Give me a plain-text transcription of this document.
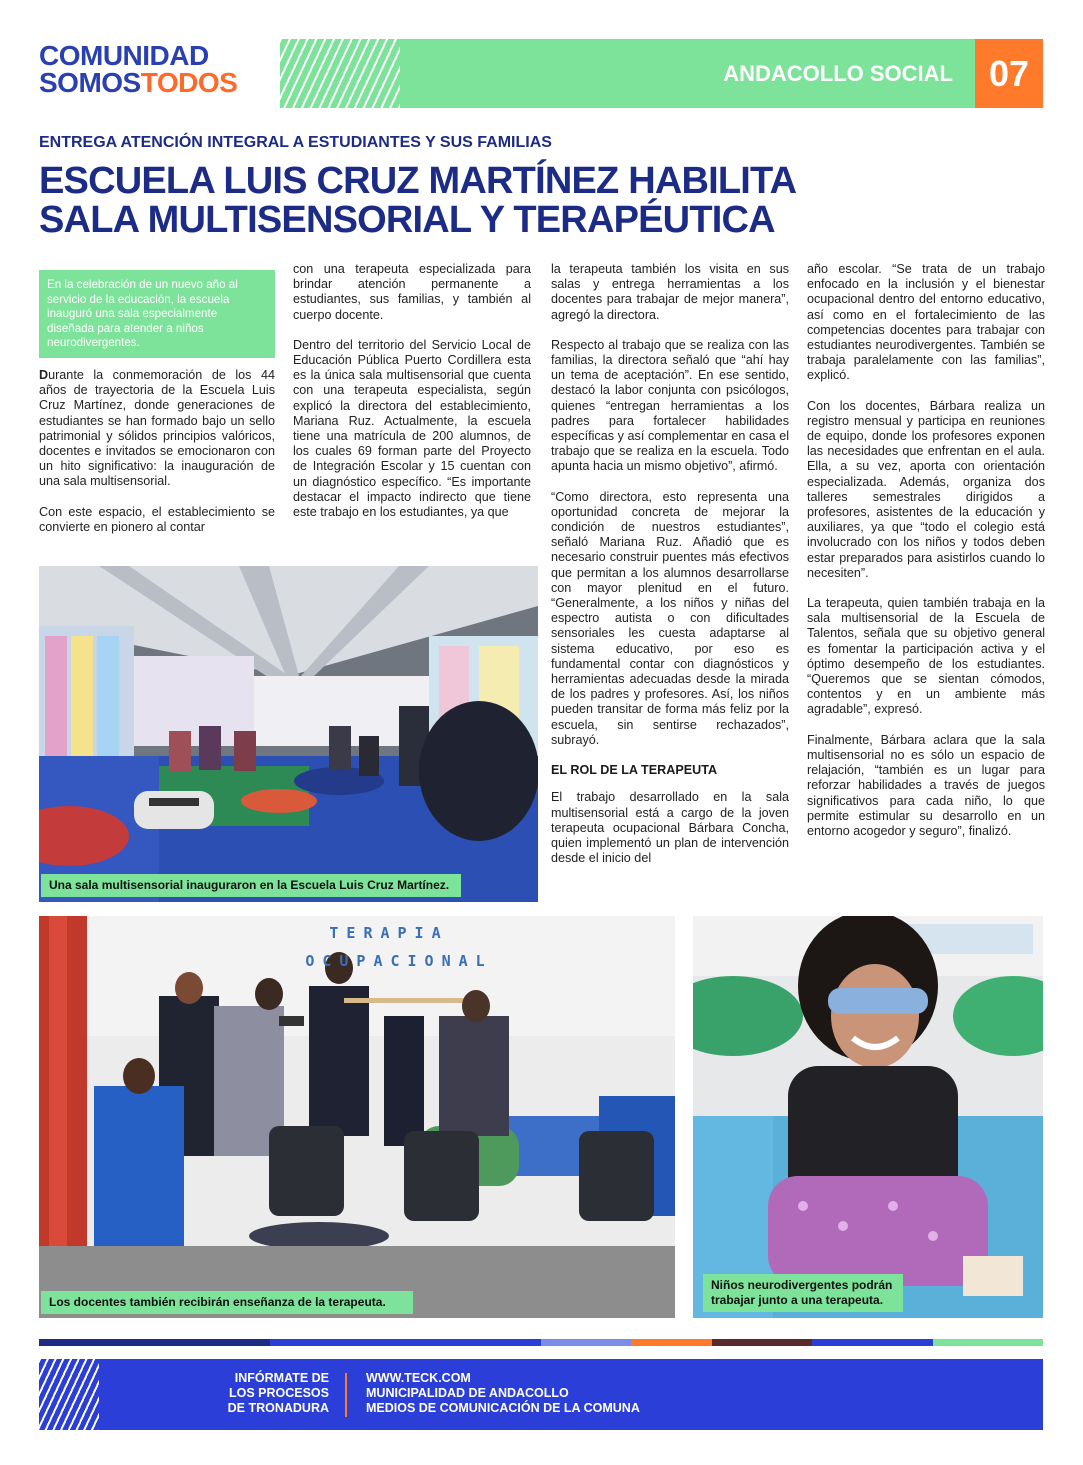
COMUNIDAD
SOMOSTODOS	ANDACOLLO SOCIAL 07
ENTREGA ATENCIÓN INTEGRAL A ESTUDIANTES Y SUS FAMILIAS
ESCUELA LUIS CRUZ MARTÍNEZ HABILITA
SALA MULTISENSORIAL Y TERAPÉUTICA
En la celebración de un nuevo año al servicio de la educación, la escuela inauguró una sala especialmente diseñada para atender a niños neurodivergentes.

Durante la conmemoración de los 44 años de trayectoria de la Escuela Luis Cruz Martínez, donde generaciones de estudiantes se han formado bajo un sello patrimonial y sólidos principios valóricos, docentes e invitados se emocionaron con un hito significativo: la inauguración de una sala multisensorial.

Con este espacio, el establecimiento se convierte en pionero al contar

con una terapeuta especializada para brindar atención permanente a estudiantes, sus familias, y también al cuerpo docente.

Dentro del territorio del Servicio Local de Educación Pública Puerto Cordillera esta es la única sala multisensorial que cuenta con una terapeuta especialista, según explicó la directora del establecimiento, Mariana Ruz. Actualmente, la escuela tiene una matrícula de 200 alumnos, de los cuales 69 forman parte del Proyecto de Integración Escolar y 15 cuentan con un diagnóstico específico. “Es importante destacar el impacto indirecto que tiene este trabajo en los estudiantes, ya que

la terapeuta también los visita en sus salas y entrega herramientas a los docentes para trabajar de mejor manera”, agregó la directora.

Respecto al trabajo que se realiza con las familias, la directora señaló que “ahí hay un tema de aceptación”. En ese sentido, destacó la labor conjunta con psicólogos, quienes “entregan herramientas a los padres para fortalecer habilidades específicas y así complementar en casa el trabajo que se realiza en la escuela. Todo apunta hacia un mismo objetivo”, afirmó.

“Como directora, esto representa una oportunidad concreta de mejorar la condición de nuestros estudiantes”, señaló Mariana Ruz. Añadió que es necesario construir puentes más efectivos que permitan a los alumnos desarrollarse con mayor plenitud en el futuro. “Generalmente, a los niños y niñas del espectro autista o con dificultades sensoriales les cuesta adaptarse al sistema educativo, por eso es fundamental contar con diagnósticos y herramientas adecuadas desde la mirada de los padres y profesores. Así, los niños pueden transitar de forma más feliz por la escuela, sin sentirse rechazados”, subrayó.

EL ROL DE LA TERAPEUTA

El trabajo desarrollado en la sala multisensorial está a cargo de la joven terapeuta ocupacional Bárbara Concha, quien implementó un plan de intervención desde el inicio del

año escolar. “Se trata de un trabajo enfocado en la inclusión y el bienestar ocupacional dentro del entorno educativo, así como en el fortalecimiento de las competencias docentes para trabajar con estudiantes neurodivergentes. También se trabaja paralelamente con las familias”, explicó.

Con los docentes, Bárbara realiza un registro mensual y participa en reuniones de equipo, donde los profesores exponen las necesidades que enfrentan en el aula. Ella, a su vez, aporta con orientación especializada. Además, organiza dos talleres semestrales dirigidos a profesores, asistentes de la educación y auxiliares, ya que “todo el colegio está involucrado con los niños y todos deben estar preparados para asistirlos cuando lo necesiten”.

La terapeuta, quien también trabaja en la sala multisensorial de la Escuela de Talentos, señala que su objetivo general es fomentar la participación activa y el óptimo desempeño de los estudiantes. “Queremos que se sientan cómodos, contentos y en un ambiente más agradable”, expresó.

Finalmente, Bárbara aclara que la sala multisensorial no es sólo un espacio de relajación, “también es un lugar para reforzar habilidades a través de juegos significativos para cada niño, lo que permite estimular su desarrollo en un entorno acogedor y seguro”, finalizó.

Una sala multisensorial inauguraron en la Escuela Luis Cruz Martínez.
TERAPIA
OCUPACIONAL
Los docentes también recibirán enseñanza de la terapeuta.
Niños neurodivergentes podrán
trabajar junto a una terapeuta.
INFÓRMATE DE
LOS PROCESOS
DE TRONADURA
WWW.TECK.COM
MUNICIPALIDAD DE ANDACOLLO
MEDIOS DE COMUNICACIÓN DE LA COMUNA
